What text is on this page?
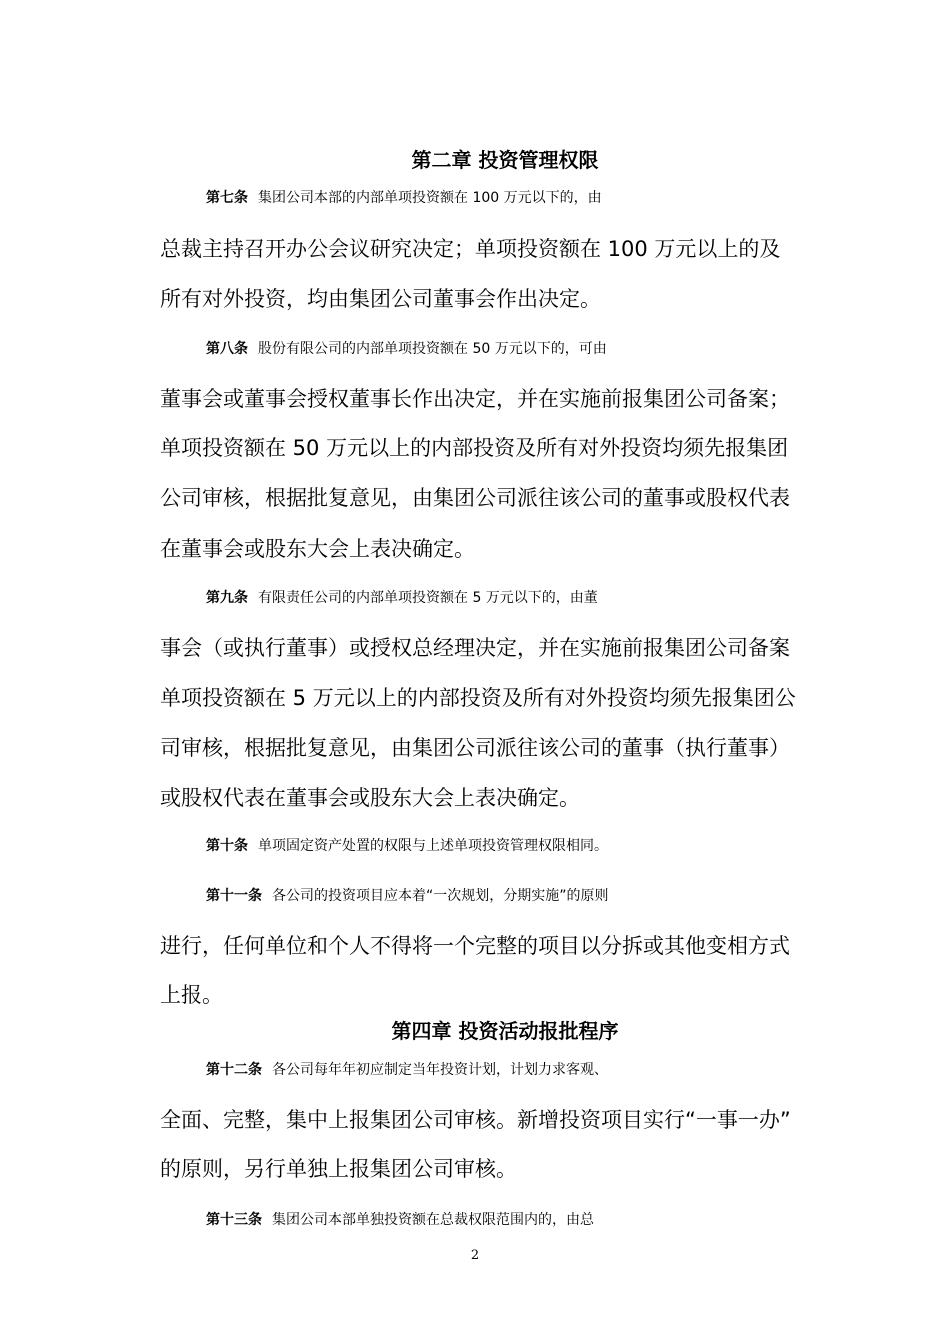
第二章 投资管理权限
第七条 集团公司本部的内部单项投资额在 100 万元以下的，由
总裁主持召开办公会议研究决定；单项投资额在 100 万元以上的及
所有对外投资，均由集团公司董事会作出决定。
第八条 股份有限公司的内部单项投资额在 50 万元以下的，可由
董事会或董事会授权董事长作出决定，并在实施前报集团公司备案；
单项投资额在 50 万元以上的内部投资及所有对外投资均须先报集团
公司审核，根据批复意见，由集团公司派往该公司的董事或股权代表
在董事会或股东大会上表决确定。
第九条 有限责任公司的内部单项投资额在 5 万元以下的，由董
事会（或执行董事）或授权总经理决定，并在实施前报集团公司备案
单项投资额在 5 万元以上的内部投资及所有对外投资均须先报集团公
司审核，根据批复意见，由集团公司派往该公司的董事（执行董事）
或股权代表在董事会或股东大会上表决确定。
第十条 单项固定资产处置的权限与上述单项投资管理权限相同。
第十一条 各公司的投资项目应本着“一次规划，分期实施”的原则
进行，任何单位和个人不得将一个完整的项目以分拆或其他变相方式
上报。
第四章 投资活动报批程序
第十二条 各公司每年年初应制定当年投资计划，计划力求客观、
全面、完整，集中上报集团公司审核。新增投资项目实行“一事一办”
的原则，另行单独上报集团公司审核。
第十三条 集团公司本部单独投资额在总裁权限范围内的，由总
2
